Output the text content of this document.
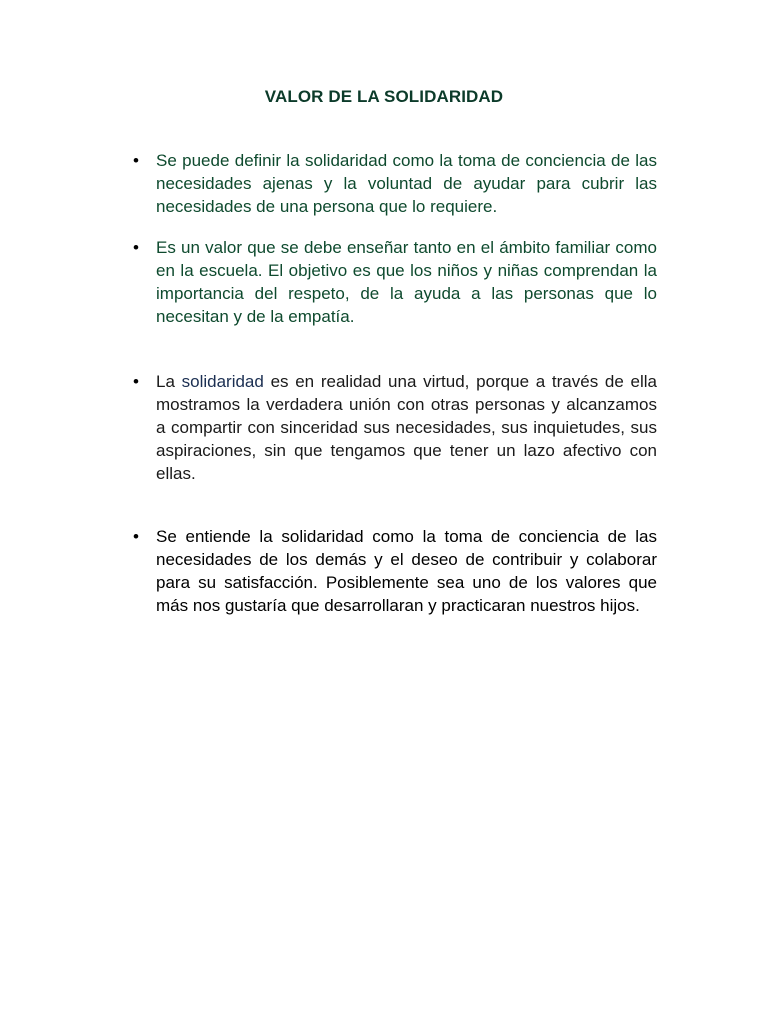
VALOR DE LA SOLIDARIDAD

• Se puede definir la solidaridad como la toma de conciencia de las necesidades ajenas y la voluntad de ayudar para cubrir las necesidades de una persona que lo requiere.

• Es un valor que se debe enseñar tanto en el ámbito familiar como en la escuela. El objetivo es que los niños y niñas comprendan la importancia del respeto, de la ayuda a las personas que lo necesitan y de la empatía.

• La solidaridad es en realidad una virtud, porque a través de ella mostramos la verdadera unión con otras personas y alcanzamos a compartir con sinceridad sus necesidades, sus inquietudes, sus aspiraciones, sin que tengamos que tener un lazo afectivo con ellas.

• Se entiende la solidaridad como la toma de conciencia de las necesidades de los demás y el deseo de contribuir y colaborar para su satisfacción. Posiblemente sea uno de los valores que más nos gustaría que desarrollaran y practicaran nuestros hijos.
